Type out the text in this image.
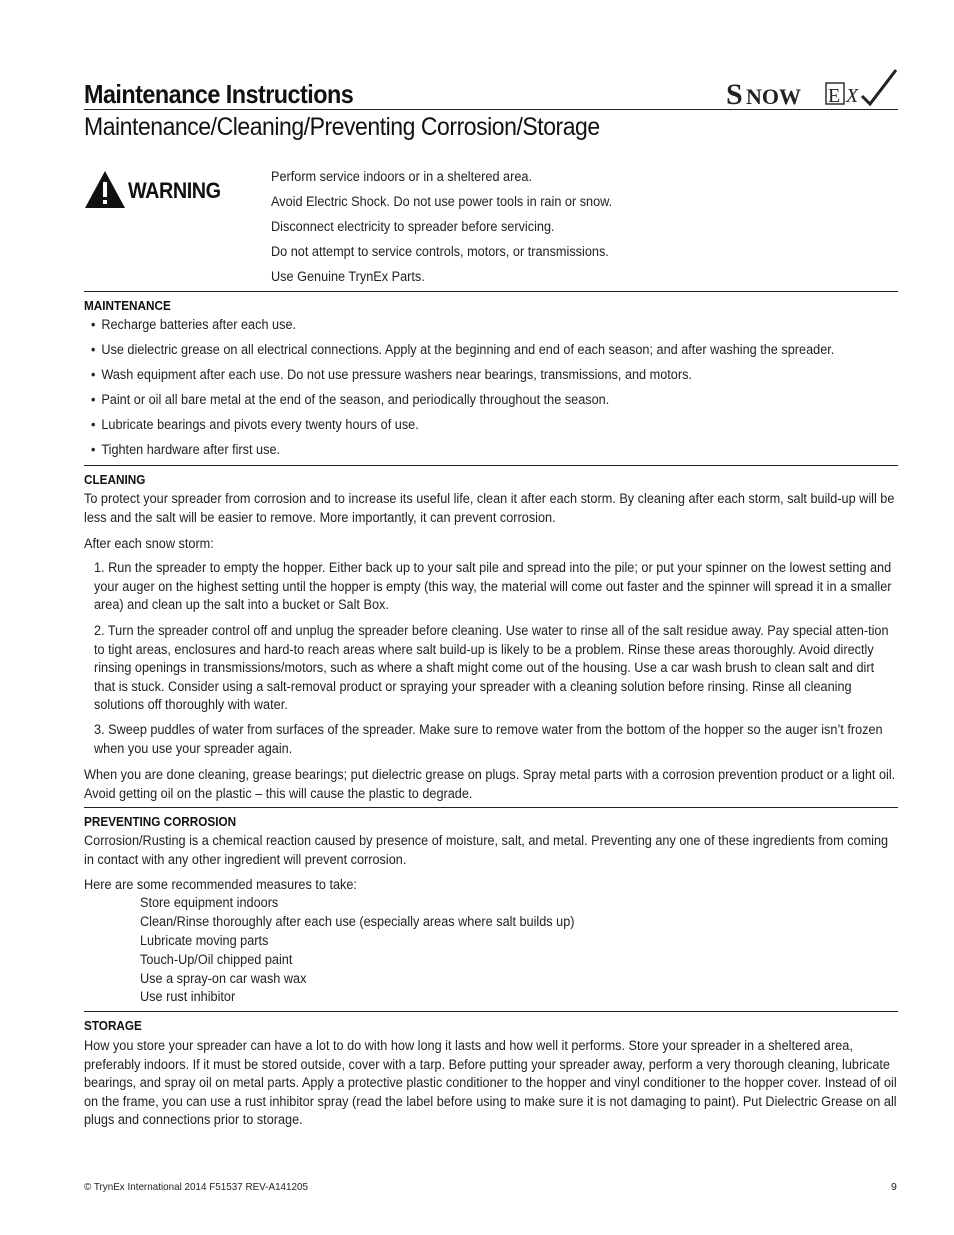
Maintenance Instructions
Maintenance/Cleaning/Preventing Corrosion/Storage
S NOW E X
WARNING
Perform service indoors or in a sheltered area.
Avoid Electric Shock. Do not use power tools in rain or snow.
Disconnect electricity to spreader before servicing.
Do not attempt to service controls, motors, or transmissions.
Use Genuine TrynEx Parts.
MAINTENANCE
• Recharge batteries after each use.
• Use dielectric grease on all electrical connections. Apply at the beginning and end of each season; and after washing the spreader.
• Wash equipment after each use. Do not use pressure washers near bearings, transmissions, and motors.
• Paint or oil all bare metal at the end of the season, and periodically throughout the season.
• Lubricate bearings and pivots every twenty hours of use.
• Tighten hardware after first use.
CLEANING
To protect your spreader from corrosion and to increase its useful life, clean it after each storm. By cleaning after each storm, salt build-up will be less and the salt will be easier to remove. More importantly, it can prevent corrosion.
After each snow storm:
1. Run the spreader to empty the hopper. Either back up to your salt pile and spread into the pile; or put your spinner on the lowest setting and your auger on the highest setting until the hopper is empty (this way, the material will come out faster and the spinner will spread it in a smaller area) and clean up the salt into a bucket or Salt Box.
2. Turn the spreader control off and unplug the spreader before cleaning. Use water to rinse all of the salt residue away. Pay special atten-tion to tight areas, enclosures and hard-to reach areas where salt build-up is likely to be a problem. Rinse these areas thoroughly. Avoid directly rinsing openings in transmissions/motors, such as where a shaft might come out of the housing. Use a car wash brush to clean salt and dirt that is stuck. Consider using a salt-removal product or spraying your spreader with a cleaning solution before rinsing. Rinse all cleaning solutions off thoroughly with water.
3. Sweep puddles of water from surfaces of the spreader. Make sure to remove water from the bottom of the hopper so the auger isn’t frozen when you use your spreader again.
When you are done cleaning, grease bearings; put dielectric grease on plugs. Spray metal parts with a corrosion prevention product or a light oil. Avoid getting oil on the plastic – this will cause the plastic to degrade.
PREVENTING CORROSION
Corrosion/Rusting is a chemical reaction caused by presence of moisture, salt, and metal. Preventing any one of these ingredients from coming in contact with any other ingredient will prevent corrosion.
Here are some recommended measures to take:
Store equipment indoors
Clean/Rinse thoroughly after each use (especially areas where salt builds up)
Lubricate moving parts
Touch-Up/Oil chipped paint
Use a spray-on car wash wax
Use rust inhibitor
STORAGE
How you store your spreader can have a lot to do with how long it lasts and how well it performs. Store your spreader in a sheltered area, preferably indoors. If it must be stored outside, cover with a tarp. Before putting your spreader away, perform a very thorough cleaning, lubricate bearings, and spray oil on metal parts. Apply a protective plastic conditioner to the hopper and vinyl conditioner to the hopper cover. Instead of oil on the frame, you can use a rust inhibitor spray (read the label before using to make sure it is not damaging to paint). Put Dielectric Grease on all plugs and connections prior to storage.
© TrynEx International 2014 F51537 REV-A141205	9
